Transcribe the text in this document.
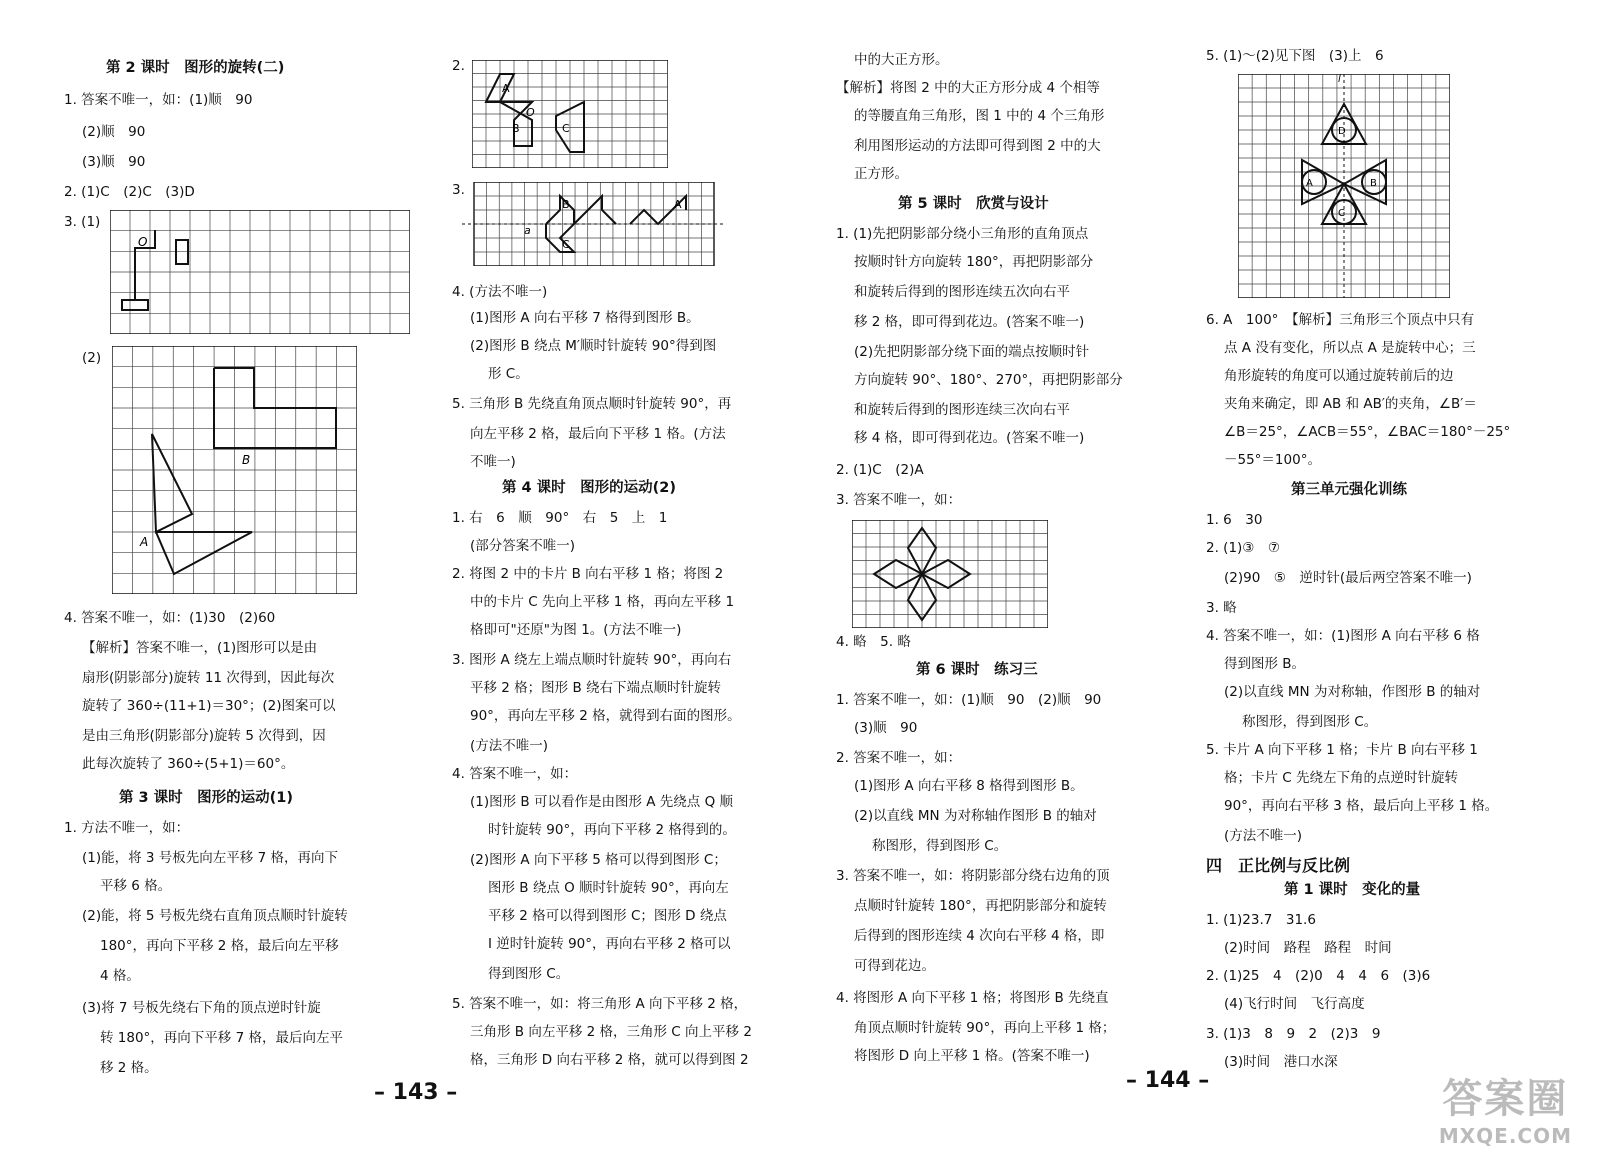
第 2 课时　图形的旋转(二)
1. 答案不唯一，如：(1)顺　90
(2)顺　90
(3)顺　90
2. (1)C　(2)C　(3)D
3. (1)
(2)
4. 答案不唯一，如：(1)30　(2)60
【解析】答案不唯一，(1)图形可以是由
扇形(阴影部分)旋转 11 次得到，因此每次
旋转了 360÷(11+1)＝30°；(2)图案可以
是由三角形(阴影部分)旋转 5 次得到，因
此每次旋转了 360÷(5+1)＝60°。
第 3 课时　图形的运动(1)
1. 方法不唯一，如：
(1)能，将 3 号板先向左平移 7 格，再向下
平移 6 格。
(2)能，将 5 号板先绕右直角顶点顺时针旋转
180°，再向下平移 2 格，最后向左平移
4 格。
(3)将 7 号板先绕右下角的顶点逆时针旋
转 180°，再向下平移 7 格，最后向左平
移 2 格。
2.
3.
4. (方法不唯一)
(1)图形 A 向右平移 7 格得到图形 B。
(2)图形 B 绕点 M′顺时针旋转 90°得到图
形 C。
5. 三角形 B 先绕直角顶点顺时针旋转 90°，再
向左平移 2 格，最后向下平移 1 格。(方法
不唯一)
第 4 课时　图形的运动(2)
1. 右　6　顺　90°　右　5　上　1
(部分答案不唯一)
2. 将图 2 中的卡片 B 向右平移 1 格；将图 2
中的卡片 C 先向上平移 1 格，再向左平移 1
格即可"还原"为图 1。(方法不唯一)
3. 图形 A 绕左上端点顺时针旋转 90°，再向右
平移 2 格；图形 B 绕右下端点顺时针旋转
90°，再向左平移 2 格，就得到右面的图形。
(方法不唯一)
4. 答案不唯一，如：
(1)图形 B 可以看作是由图形 A 先绕点 Q 顺
时针旋转 90°，再向下平移 2 格得到的。
(2)图形 A 向下平移 5 格可以得到图形 C；
图形 B 绕点 O 顺时针旋转 90°，再向左
平移 2 格可以得到图形 C；图形 D 绕点
I 逆时针旋转 90°，再向右平移 2 格可以
得到图形 C。
5. 答案不唯一，如：将三角形 A 向下平移 2 格，
三角形 B 向左平移 2 格，三角形 C 向上平移 2
格，三角形 D 向右平移 2 格，就可以得到图 2
中的大正方形。
【解析】将图 2 中的大正方形分成 4 个相等
的等腰直角三角形，图 1 中的 4 个三角形
利用图形运动的方法即可得到图 2 中的大
正方形。
第 5 课时　欣赏与设计
1. (1)先把阴影部分绕小三角形的直角顶点
按顺时针方向旋转 180°，再把阴影部分
和旋转后得到的图形连续五次向右平
移 2 格，即可得到花边。(答案不唯一)
(2)先把阴影部分绕下面的端点按顺时针
方向旋转 90°、180°、270°，再把阴影部分
和旋转后得到的图形连续三次向右平
移 4 格，即可得到花边。(答案不唯一)
2. (1)C　(2)A
3. 答案不唯一，如：
4. 略　5. 略
第 6 课时　练习三
1. 答案不唯一，如：(1)顺　90　(2)顺　90
(3)顺　90
2. 答案不唯一，如：
(1)图形 A 向右平移 8 格得到图形 B。
(2)以直线 MN 为对称轴作图形 B 的轴对
称图形，得到图形 C。
3. 答案不唯一，如：将阴影部分绕右边角的顶
点顺时针旋转 180°，再把阴影部分和旋转
后得到的图形连续 4 次向右平移 4 格，即
可得到花边。
4. 将图形 A 向下平移 1 格；将图形 B 先绕直
角顶点顺时针旋转 90°，再向上平移 1 格；
将图形 D 向上平移 1 格。(答案不唯一)
5. (1)～(2)见下图　(3)上　6
6. A　100°　【解析】三角形三个顶点中只有
点 A 没有变化，所以点 A 是旋转中心；三
角形旋转的角度可以通过旋转前后的边
夹角来确定，即 AB 和 AB′的夹角，∠B′＝
∠B＝25°，∠ACB＝55°，∠BAC＝180°－25°
－55°＝100°。
第三单元强化训练
1. 6　30
2. (1)③　⑦
(2)90　⑤　逆时针(最后两空答案不唯一)
3. 略
4. 答案不唯一，如：(1)图形 A 向右平移 6 格
得到图形 B。
(2)以直线 MN 为对称轴，作图形 B 的轴对
称图形，得到图形 C。
5. 卡片 A 向下平移 1 格；卡片 B 向右平移 1
格；卡片 C 先绕左下角的点逆时针旋转
90°，再向右平移 3 格，最后向上平移 1 格。
(方法不唯一)
四　正比例与反比例
第 1 课时　变化的量
1. (1)23.7　31.6
(2)时间　路程　路程　时间
2. (1)25　4　(2)0　4　4　6　(3)6
(4)飞行时间　飞行高度
3. (1)3　8　9　2　(2)3　9
(3)时间　港口水深
O
B
A
A
O
B	C
a
B
C
A
l
D
A	B
C
– 143 –	– 144 –	答案圈
MXQE.COM
